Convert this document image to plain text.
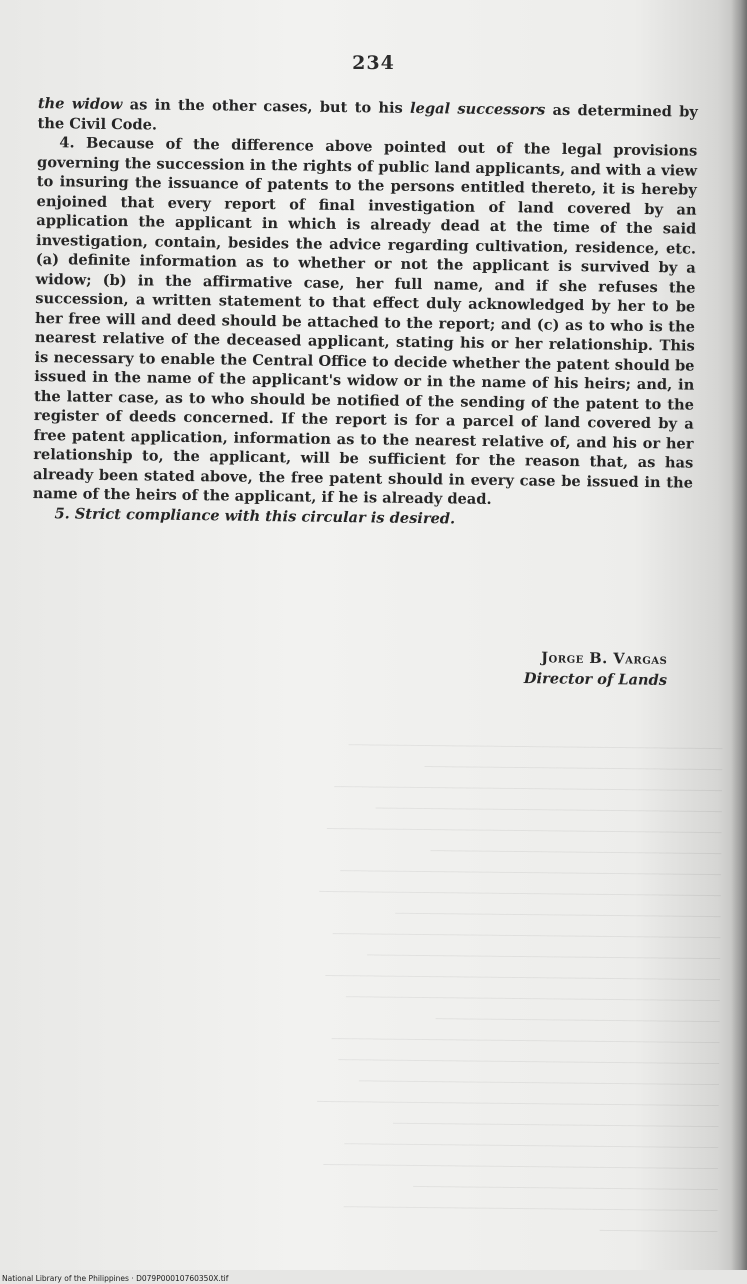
234

the widow as in the other cases, but to his legal successors as determined by the Civil Code.

4. Because of the difference above pointed out of the legal provisions governing the succession in the rights of public land applicants, and with a view to insuring the issuance of patents to the persons entitled thereto, it is hereby enjoined that every report of final investigation of land covered by an application the applicant in which is already dead at the time of the said investigation, contain, besides the advice regarding cultivation, residence, etc. (a) definite information as to whether or not the applicant is survived by a widow; (b) in the affirmative case, her full name, and if she refuses the succession, a written statement to that effect duly acknowledged by her to be her free will and deed should be attached to the report; and (c) as to who is the nearest relative of the deceased applicant, stating his or her relationship. This is necessary to enable the Central Office to decide whether the patent should be issued in the name of the applicant's widow or in the name of his heirs; and, in the latter case, as to who should be notified of the sending of the patent to the register of deeds concerned. If the report is for a parcel of land covered by a free patent application, information as to the nearest relative of, and his or her relationship to, the applicant, will be sufficient for the reason that, as has already been stated above, the free patent should in every case be issued in the name of the heirs of the applicant, if he is already dead.

5. Strict compliance with this circular is desired.

Jorge B. Vargas
Director of Lands
──────────────────────────────────────────────────────
───────────────────────────────────────────
────────────────────────────────────────────────────────
──────────────────────────────────────────────────
─────────────────────────────────────────────────────────
──────────────────────────────────────────
───────────────────────────────────────────────────────
──────────────────────────────────────────────────────────
───────────────────────────────────────────────
────────────────────────────────────────────────────────
───────────────────────────────────────────────────
─────────────────────────────────────────────────────────
──────────────────────────────────────────────────────
─────────────────────────────────────────
────────────────────────────────────────────────────────
───────────────────────────────────────────────────────
────────────────────────────────────────────────────
──────────────────────────────────────────────────────────
───────────────────────────────────────────────
──────────────────────────────────────────────────────
─────────────────────────────────────────────────────────
────────────────────────────────────────────
──────────────────────────────────────────────────────
─────────────────
National Library of the Philippines · D079P00010760350X.tif
